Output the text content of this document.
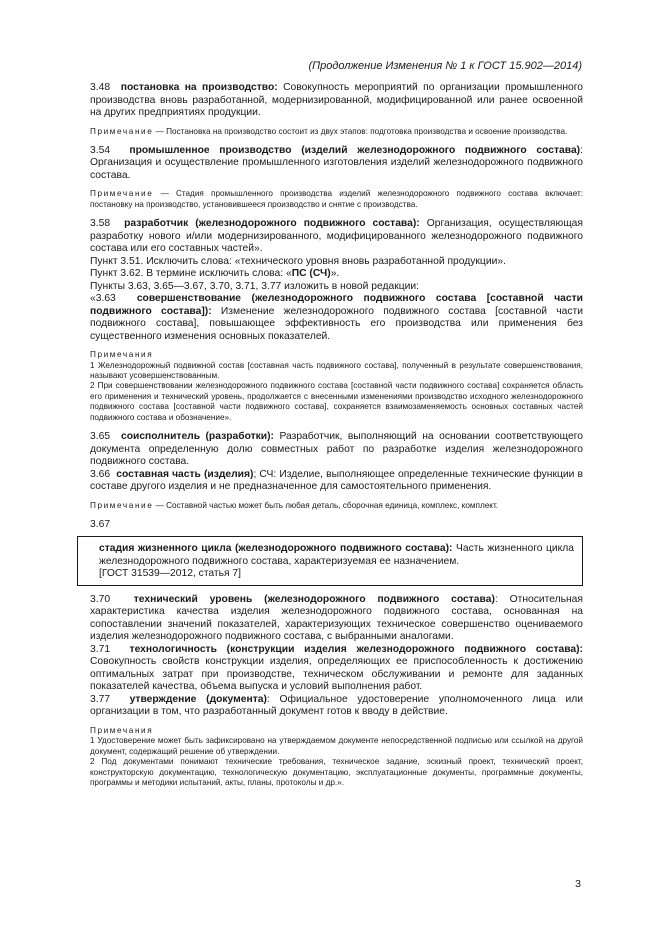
(Продолжение Изменения № 1 к ГОСТ 15.902—2014)

3.48 постановка на производство: Совокупность мероприятий по организации промышленного производства вновь разработанной, модернизированной, модифицированной или ранее освоенной на других предприятиях продукции.

Примечание — Постановка на производство состоит из двух этапов: подготовка производства и освоение производства.

3.54 промышленное производство (изделий железнодорожного подвижного состава): Организация и осуществление промышленного изготовления изделий железнодорожного подвижного состава.

Примечание — Стадия промышленного производства изделий железнодорожного подвижного состава включает: постановку на производство, установившееся производство и снятие с производства.

3.58 разработчик (железнодорожного подвижного состава): Организация, осуществляющая разработку нового и/или модернизированного, модифицированного железнодорожного подвижного состава или его составных частей».

Пункт 3.51. Исключить слова: «технического уровня вновь разработанной продукции».

Пункт 3.62. В термине исключить слова: «ПС (СЧ)».

Пункты 3.63, 3.65—3.67, 3.70, 3.71, 3.77 изложить в новой редакции:

«3.63 совершенствование (железнодорожного подвижного состава [составной части подвижного состава]): Изменение железнодорожного подвижного состава [составной части подвижного состава], повышающее эффективность его производства или применения без существенного изменения основных показателей.

Примечания

1 Железнодорожный подвижной состав [составная часть подвижного состава], полученный в результате совершенствования, называют усовершенствованным.

2 При совершенствовании железнодорожного подвижного состава [составной части подвижного состава] сохраняется область его применения и технический уровень, продолжается с внесенными изменениями производство исходного железнодорожного подвижного состава [составной части подвижного состава], сохраняется взаимозаменяемость основных составных частей подвижного состава и обозначение».

3.65 соисполнитель (разработки): Разработчик, выполняющий на основании соответствующего документа определенную долю совместных работ по разработке изделия железнодорожного подвижного состава.

3.66 составная часть (изделия); СЧ: Изделие, выполняющее определенные технические функции в составе другого изделия и не предназначенное для самостоятельного применения.

Примечание — Составной частью может быть любая деталь, сборочная единица, комплекс, комплект.

3.67

стадия жизненного цикла (железнодорожного подвижного состава): Часть жизненного цикла железнодорожного подвижного состава, характеризуемая ее назначением.

[ГОСТ 31539—2012, статья 7]

3.70 технический уровень (железнодорожного подвижного состава): Относительная характеристика качества изделия железнодорожного подвижного состава, основанная на сопоставлении значений показателей, характеризующих техническое совершенство оцениваемого изделия железнодорожного подвижного состава, с выбранными аналогами.

3.71 технологичность (конструкции изделия железнодорожного подвижного состава): Совокупность свойств конструкции изделия, определяющих ее приспособленность к достижению оптимальных затрат при производстве, техническом обслуживании и ремонте для заданных показателей качества, объема выпуска и условий выполнения работ.

3.77 утверждение (документа): Официальное удостоверение уполномоченного лица или организации в том, что разработанный документ готов к вводу в действие.

Примечания

1 Удостоверение может быть зафиксировано на утверждаемом документе непосредственной подписью или ссылкой на другой документ, содержащий решение об утверждении.

2 Под документами понимают технические требования, техническое задание, эскизный проект, технический проект, конструкторскую документацию, технологическую документацию, эксплуатационные документы, программные документы, программы и методики испытаний, акты, планы, протоколы и др.».

3
